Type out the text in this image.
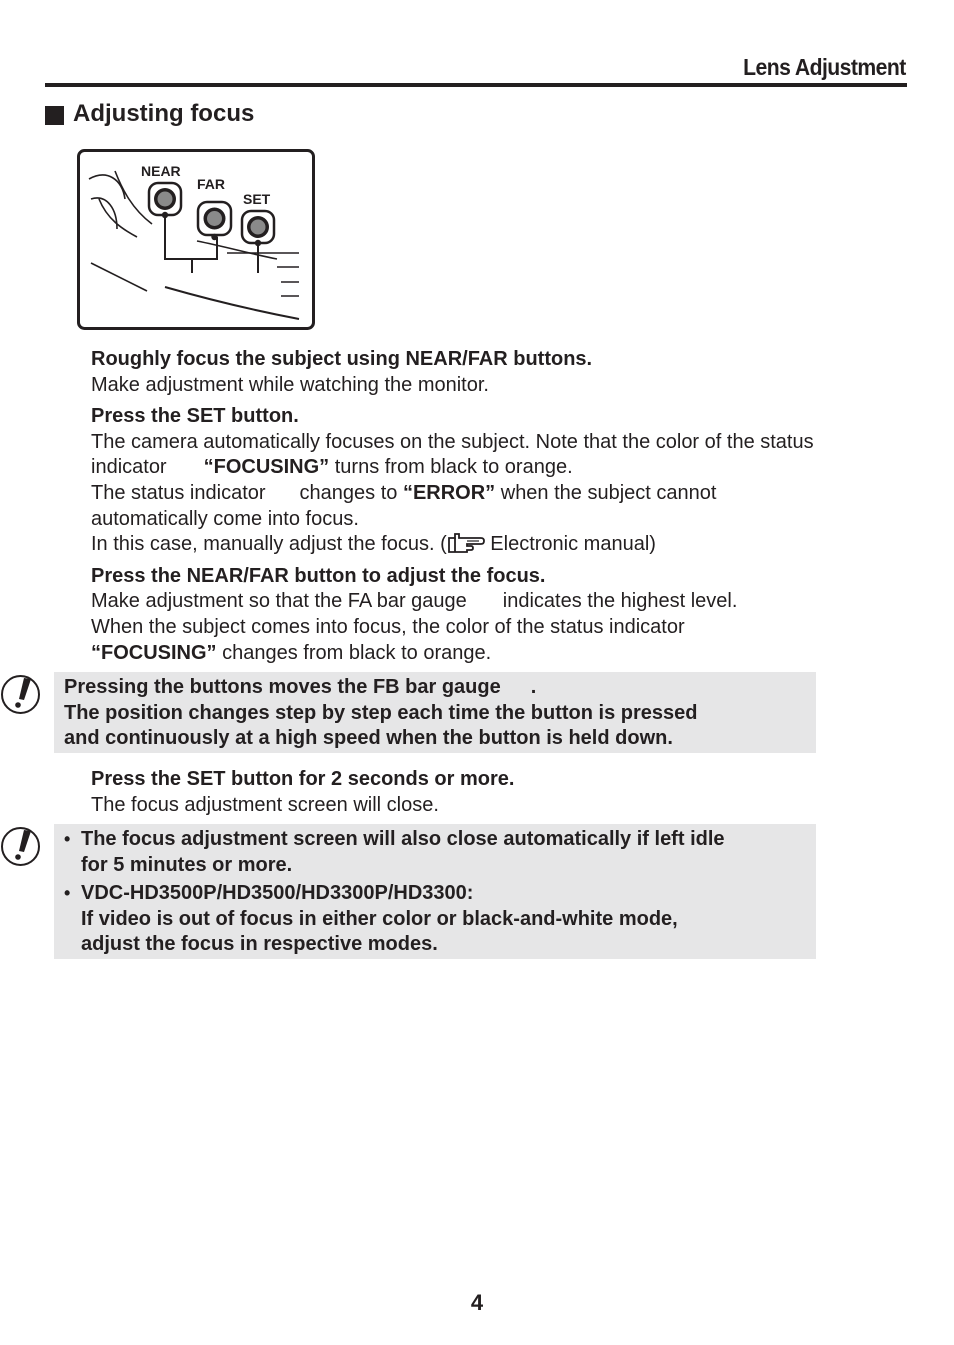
Lens Adjustment
Adjusting focus
NEAR
FAR
SET
Roughly focus the subject using NEAR/FAR buttons.
Make adjustment while watching the monitor.
Press the SET button.
The camera automatically focuses on the subject. Note that the color of the status
indicator “FOCUSING” turns from black to orange.
The status indicator changes to “ERROR” when the subject cannot
automatically come into focus.
In this case, manually adjust the focus. ( Electronic manual)
Press the NEAR/FAR button to adjust the focus.
Make adjustment so that the FA bar gauge indicates the highest level.
When the subject comes into focus, the color of the status indicator
“FOCUSING” changes from black to orange.
Pressing the buttons moves the FB bar gauge .
The position changes step by step each time the button is pressed
and continuously at a high speed when the button is held down.
Press the SET button for 2 seconds or more.
The focus adjustment screen will close.
• The focus adjustment screen will also close automatically if left idle
for 5 minutes or more.
• VDC-HD3500P/HD3500/HD3300P/HD3300:
If video is out of focus in either color or black-and-white mode,
adjust the focus in respective modes.
4
